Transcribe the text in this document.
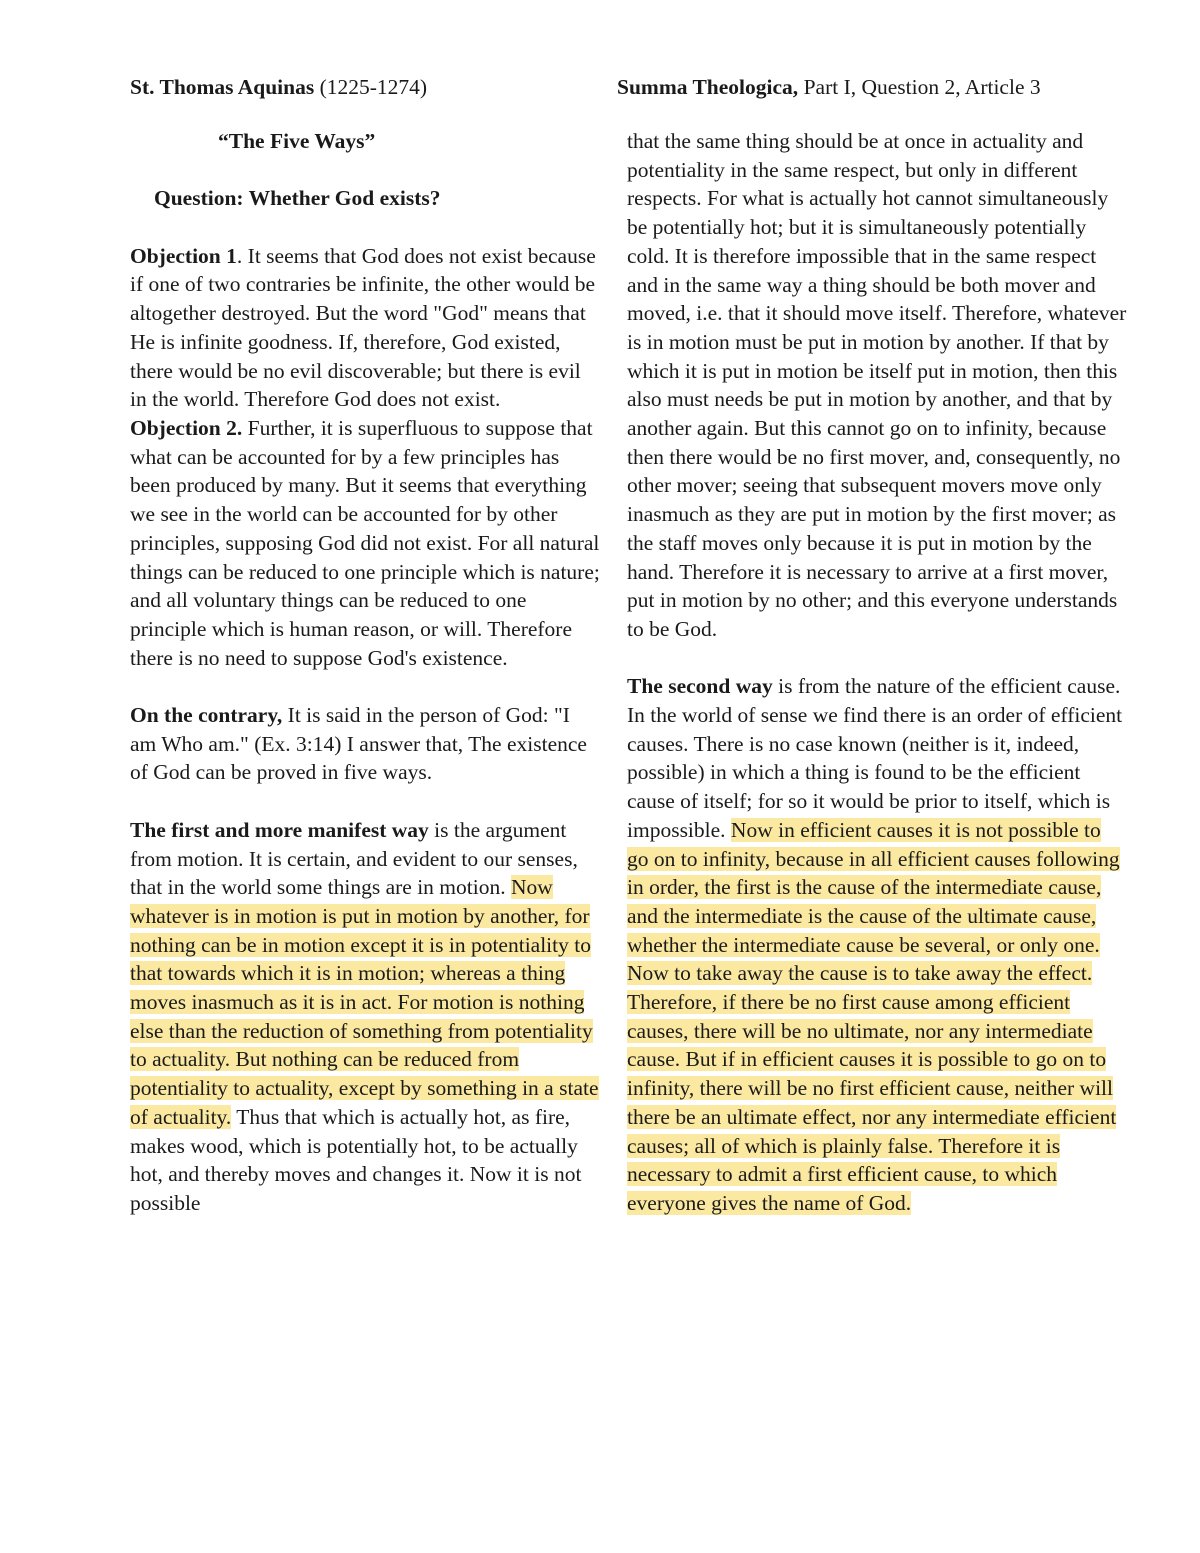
St. Thomas Aquinas (1225-1274)	Summa Theologica, Part I, Question 2, Article 3

“The Five Ways”

Question: Whether God exists?

Objection 1. It seems that God does not exist because if one of two contraries be infinite, the other would be altogether destroyed. But the word "God" means that He is infinite goodness. If, therefore, God existed, there would be no evil discoverable; but there is evil in the world. Therefore God does not exist.

Objection 2. Further, it is superfluous to suppose that what can be accounted for by a few principles has been produced by many. But it seems that everything we see in the world can be accounted for by other principles, supposing God did not exist. For all natural things can be reduced to one principle which is nature; and all voluntary things can be reduced to one principle which is human reason, or will. Therefore there is no need to suppose God's existence.

On the contrary, It is said in the person of God: "I am Who am." (Ex. 3:14) I answer that, The existence of God can be proved in five ways.

The first and more manifest way is the argument from motion. It is certain, and evident to our senses, that in the world some things are in motion. Now whatever is in motion is put in motion by another, for nothing can be in motion except it is in potentiality to that towards which it is in motion; whereas a thing moves inasmuch as it is in act. For motion is nothing else than the reduction of something from potentiality to actuality. But nothing can be reduced from potentiality to actuality, except by something in a state of actuality. Thus that which is actually hot, as fire, makes wood, which is potentially hot, to be actually hot, and thereby moves and changes it. Now it is not possible

that the same thing should be at once in actuality and potentiality in the same respect, but only in different respects. For what is actually hot cannot simultaneously be potentially hot; but it is simultaneously potentially cold. It is therefore impossible that in the same respect and in the same way a thing should be both mover and moved, i.e. that it should move itself. Therefore, whatever is in motion must be put in motion by another. If that by which it is put in motion be itself put in motion, then this also must needs be put in motion by another, and that by another again. But this cannot go on to infinity, because then there would be no first mover, and, consequently, no other mover; seeing that subsequent movers move only inasmuch as they are put in motion by the first mover; as the staff moves only because it is put in motion by the hand. Therefore it is necessary to arrive at a first mover, put in motion by no other; and this everyone understands to be God.

The second way is from the nature of the efficient cause. In the world of sense we find there is an order of efficient causes. There is no case known (neither is it, indeed, possible) in which a thing is found to be the efficient cause of itself; for so it would be prior to itself, which is impossible. Now in efficient causes it is not possible to go on to infinity, because in all efficient causes following in order, the first is the cause of the intermediate cause, and the intermediate is the cause of the ultimate cause, whether the intermediate cause be several, or only one. Now to take away the cause is to take away the effect. Therefore, if there be no first cause among efficient causes, there will be no ultimate, nor any intermediate cause. But if in efficient causes it is possible to go on to infinity, there will be no first efficient cause, neither will there be an ultimate effect, nor any intermediate efficient causes; all of which is plainly false. Therefore it is necessary to admit a first efficient cause, to which everyone gives the name of God.
